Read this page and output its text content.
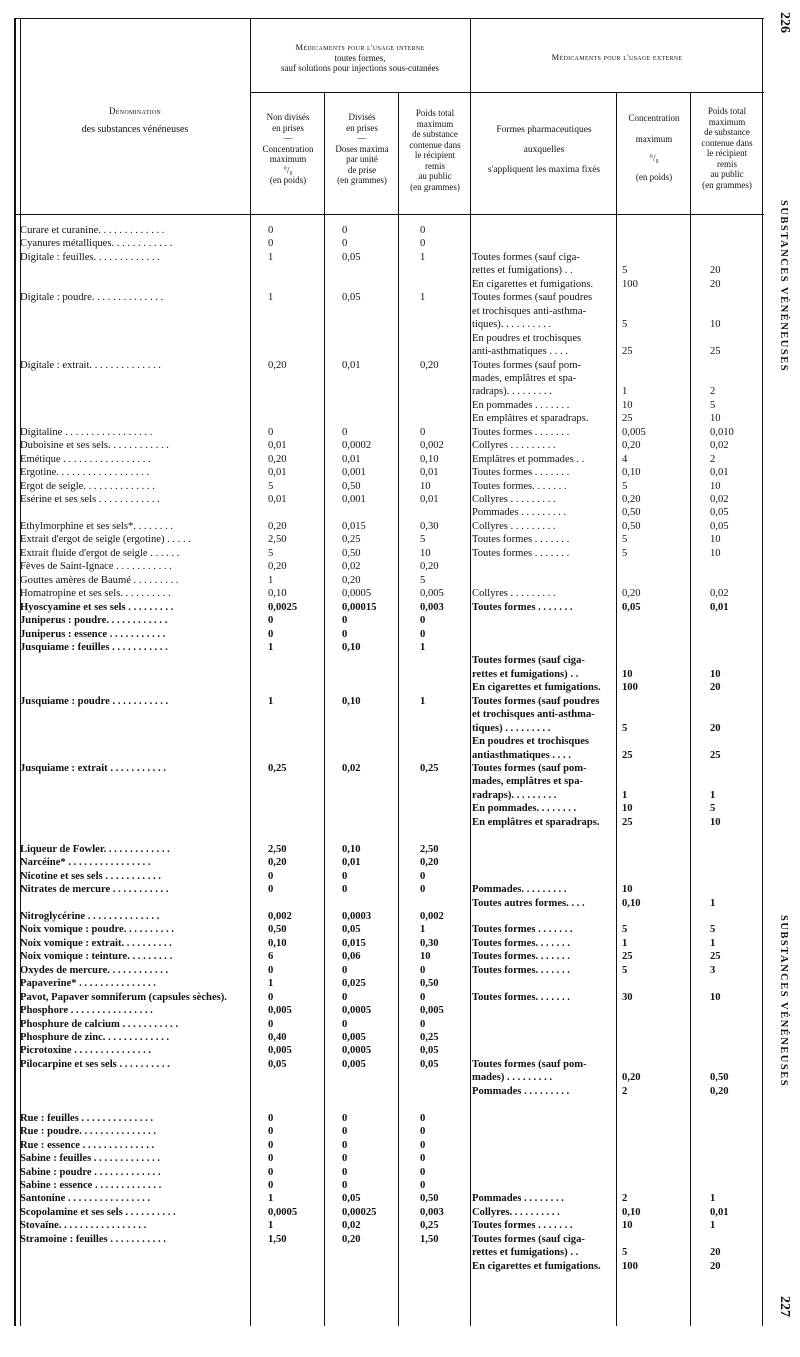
Dénomination
des substances vénéneuses
Médicaments pour l'usage interne
toutes formes,
sauf solutions pour injections sous-cutanées
Médicaments pour l'usage externe
Non divisés
en prises
—
Concentration
maximum
°/₀
(en poids)
Divisés
en prises
—
Doses maxima
par unité
de prise
(en grammes)
Poids total
maximum
de substance
contenue dans
le récipient
remis
au public
(en grammes)
Formes pharmaceutiques
auxquelles
s'appliquent les maxima fixés
Concentration
maximum
°/₀
(en poids)
Poids total
maximum
de substance
contenue dans
le récipient
remis
au public
(en grammes)
Curare et curanine. . . . . . . . . . . . .	0	0	0
Cyanures métalliques. . . . . . . . . . . .	0	0	0
Digitale : feuilles. . . . . . . . . . . . .	1	0,05	1	Toutes formes (sauf ciga-
rettes et fumigations) . .	5	20
En cigarettes et fumigations.	100	20
Digitale : poudre. . . . . . . . . . . . . .	1	0,05	1	Toutes formes (sauf poudres
et trochisques anti-asthma-
tiques). . . . . . . . . .	5	10
En poudres et trochisques
anti-asthmatiques . . . .	25	25
Digitale : extrait. . . . . . . . . . . . . .	0,20	0,01	0,20	Toutes formes (sauf pom-
mades, emplâtres et spa-
radraps). . . . . . . . .	1	2
En pommades . . . . . . .	10	5
En emplâtres et sparadraps.	25	10
Digitaline . . . . . . . . . . . . . . . . .	0	0	0	Toutes formes . . . . . . .	0,005	0,010
Duboisine et ses sels. . . . . . . . . . . .	0,01	0,0002	0,002	Collyres . . . . . . . . .	0,20	0,02
Emétique . . . . . . . . . . . . . . . . .	0,20	0,01	0,10	Emplâtres et pommades . .	4	2
Ergotine. . . . . . . . . . . . . . . . . .	0,01	0,001	0,01	Toutes formes . . . . . . .	0,10	0,01
Ergot de seigle. . . . . . . . . . . . . .	5	0,50	10	Toutes formes. . . . . . .	5	10
Esérine et ses sels . . . . . . . . . . . .	0,01	0,001	0,01	Collyres . . . . . . . . .	0,20	0,02
Pommades . . . . . . . . .	0,50	0,05
Ethylmorphine et ses sels*. . . . . . . .	0,20	0,015	0,30	Collyres . . . . . . . . .	0,50	0,05
Extrait d'ergot de seigle (ergotine) . . . . .	2,50	0,25	5	Toutes formes . . . . . . .	5	10
Extrait fluide d'ergot de seigle . . . . . .	5	0,50	10	Toutes formes . . . . . . .	5	10
Fèves de Saint-Ignace . . . . . . . . . . .	0,20	0,02	0,20
Gouttes amères de Baumé . . . . . . . . .	1	0,20	5
Homatropine et ses sels. . . . . . . . . .	0,10	0,0005	0,005	Collyres . . . . . . . . .	0,20	0,02
Hyoscyamine et ses sels . . . . . . . . .	0,0025	0,00015	0,003	Toutes formes . . . . . . .	0,05	0,01
Juniperus : poudre. . . . . . . . . . . .	0	0	0
Juniperus : essence . . . . . . . . . . .	0	0	0
Jusquiame : feuilles . . . . . . . . . . .	1	0,10	1
Toutes formes (sauf ciga-
rettes et fumigations) . .	10	10
En cigarettes et fumigations.	100	20
Jusquiame : poudre . . . . . . . . . . .	1	0,10	1	Toutes formes (sauf poudres
et trochisques anti-asthma-
tiques) . . . . . . . . .	5	20
En poudres et trochisques
antiasthmatiques . . . .	25	25
Jusquiame : extrait . . . . . . . . . . .	0,25	0,02	0,25	Toutes formes (sauf pom-
mades, emplâtres et spa-
radraps). . . . . . . . .	1	1
En pommades. . . . . . . .	10	5
En emplâtres et sparadraps.	25	10
Liqueur de Fowler. . . . . . . . . . . . .	2,50	0,10	2,50
Narcéine* . . . . . . . . . . . . . . . .	0,20	0,01	0,20
Nicotine et ses sels . . . . . . . . . . .	0	0	0
Nitrates de mercure . . . . . . . . . . .	0	0	0	Pommades. . . . . . . . .	10
Toutes autres formes. . . .	0,10	1
Nitroglycérine . . . . . . . . . . . . . .	0,002	0,0003	0,002
Noix vomique : poudre. . . . . . . . . .	0,50	0,05	1	Toutes formes . . . . . . .	5	5
Noix vomique : extrait. . . . . . . . . .	0,10	0,015	0,30	Toutes formes. . . . . . .	1	1
Noix vomique : teinture. . . . . . . . .	6	0,06	10	Toutes formes. . . . . . .	25	25
Oxydes de mercure. . . . . . . . . . . .	0	0	0	Toutes formes. . . . . . .	5	3
Papaverine* . . . . . . . . . . . . . . .	1	0,025	0,50
Pavot, Papaver somniferum (capsules sèches).	0	0	0	Toutes formes. . . . . . .	30	10
Phosphore . . . . . . . . . . . . . . . .	0,005	0,0005	0,005
Phosphure de calcium . . . . . . . . . . .	0	0	0
Phosphure de zinc. . . . . . . . . . . . .	0,40	0,005	0,25
Picrotoxine . . . . . . . . . . . . . . .	0,005	0,0005	0,05
Pilocarpine et ses sels . . . . . . . . . .	0,05	0,005	0,05	Toutes formes (sauf pom-
mades) . . . . . . . . .	0,20	0,50
Pommades . . . . . . . . .	2	0,20
Rue : feuilles . . . . . . . . . . . . . .	0	0	0
Rue : poudre. . . . . . . . . . . . . . .	0	0	0
Rue : essence . . . . . . . . . . . . . .	0	0	0
Sabine : feuilles . . . . . . . . . . . . .	0	0	0
Sabine : poudre . . . . . . . . . . . . .	0	0	0
Sabine : essence . . . . . . . . . . . . .	0	0	0
Santonine . . . . . . . . . . . . . . . .	1	0,05	0,50	Pommades . . . . . . . .	2	1
Scopolamine et ses sels . . . . . . . . . .	0,0005	0,00025	0,003	Collyres. . . . . . . . . .	0,10	0,01
Stovaïne. . . . . . . . . . . . . . . . .	1	0,02	0,25	Toutes formes . . . . . . .	10	1
Stramoine : feuilles . . . . . . . . . . .	1,50	0,20	1,50	Toutes formes (sauf ciga-
rettes et fumigations) . .	5	20
En cigarettes et fumigations.	100	20
226
SUBSTANCES VÉNÉNEUSES
SUBSTANCES VÉNÉNEUSES
227
